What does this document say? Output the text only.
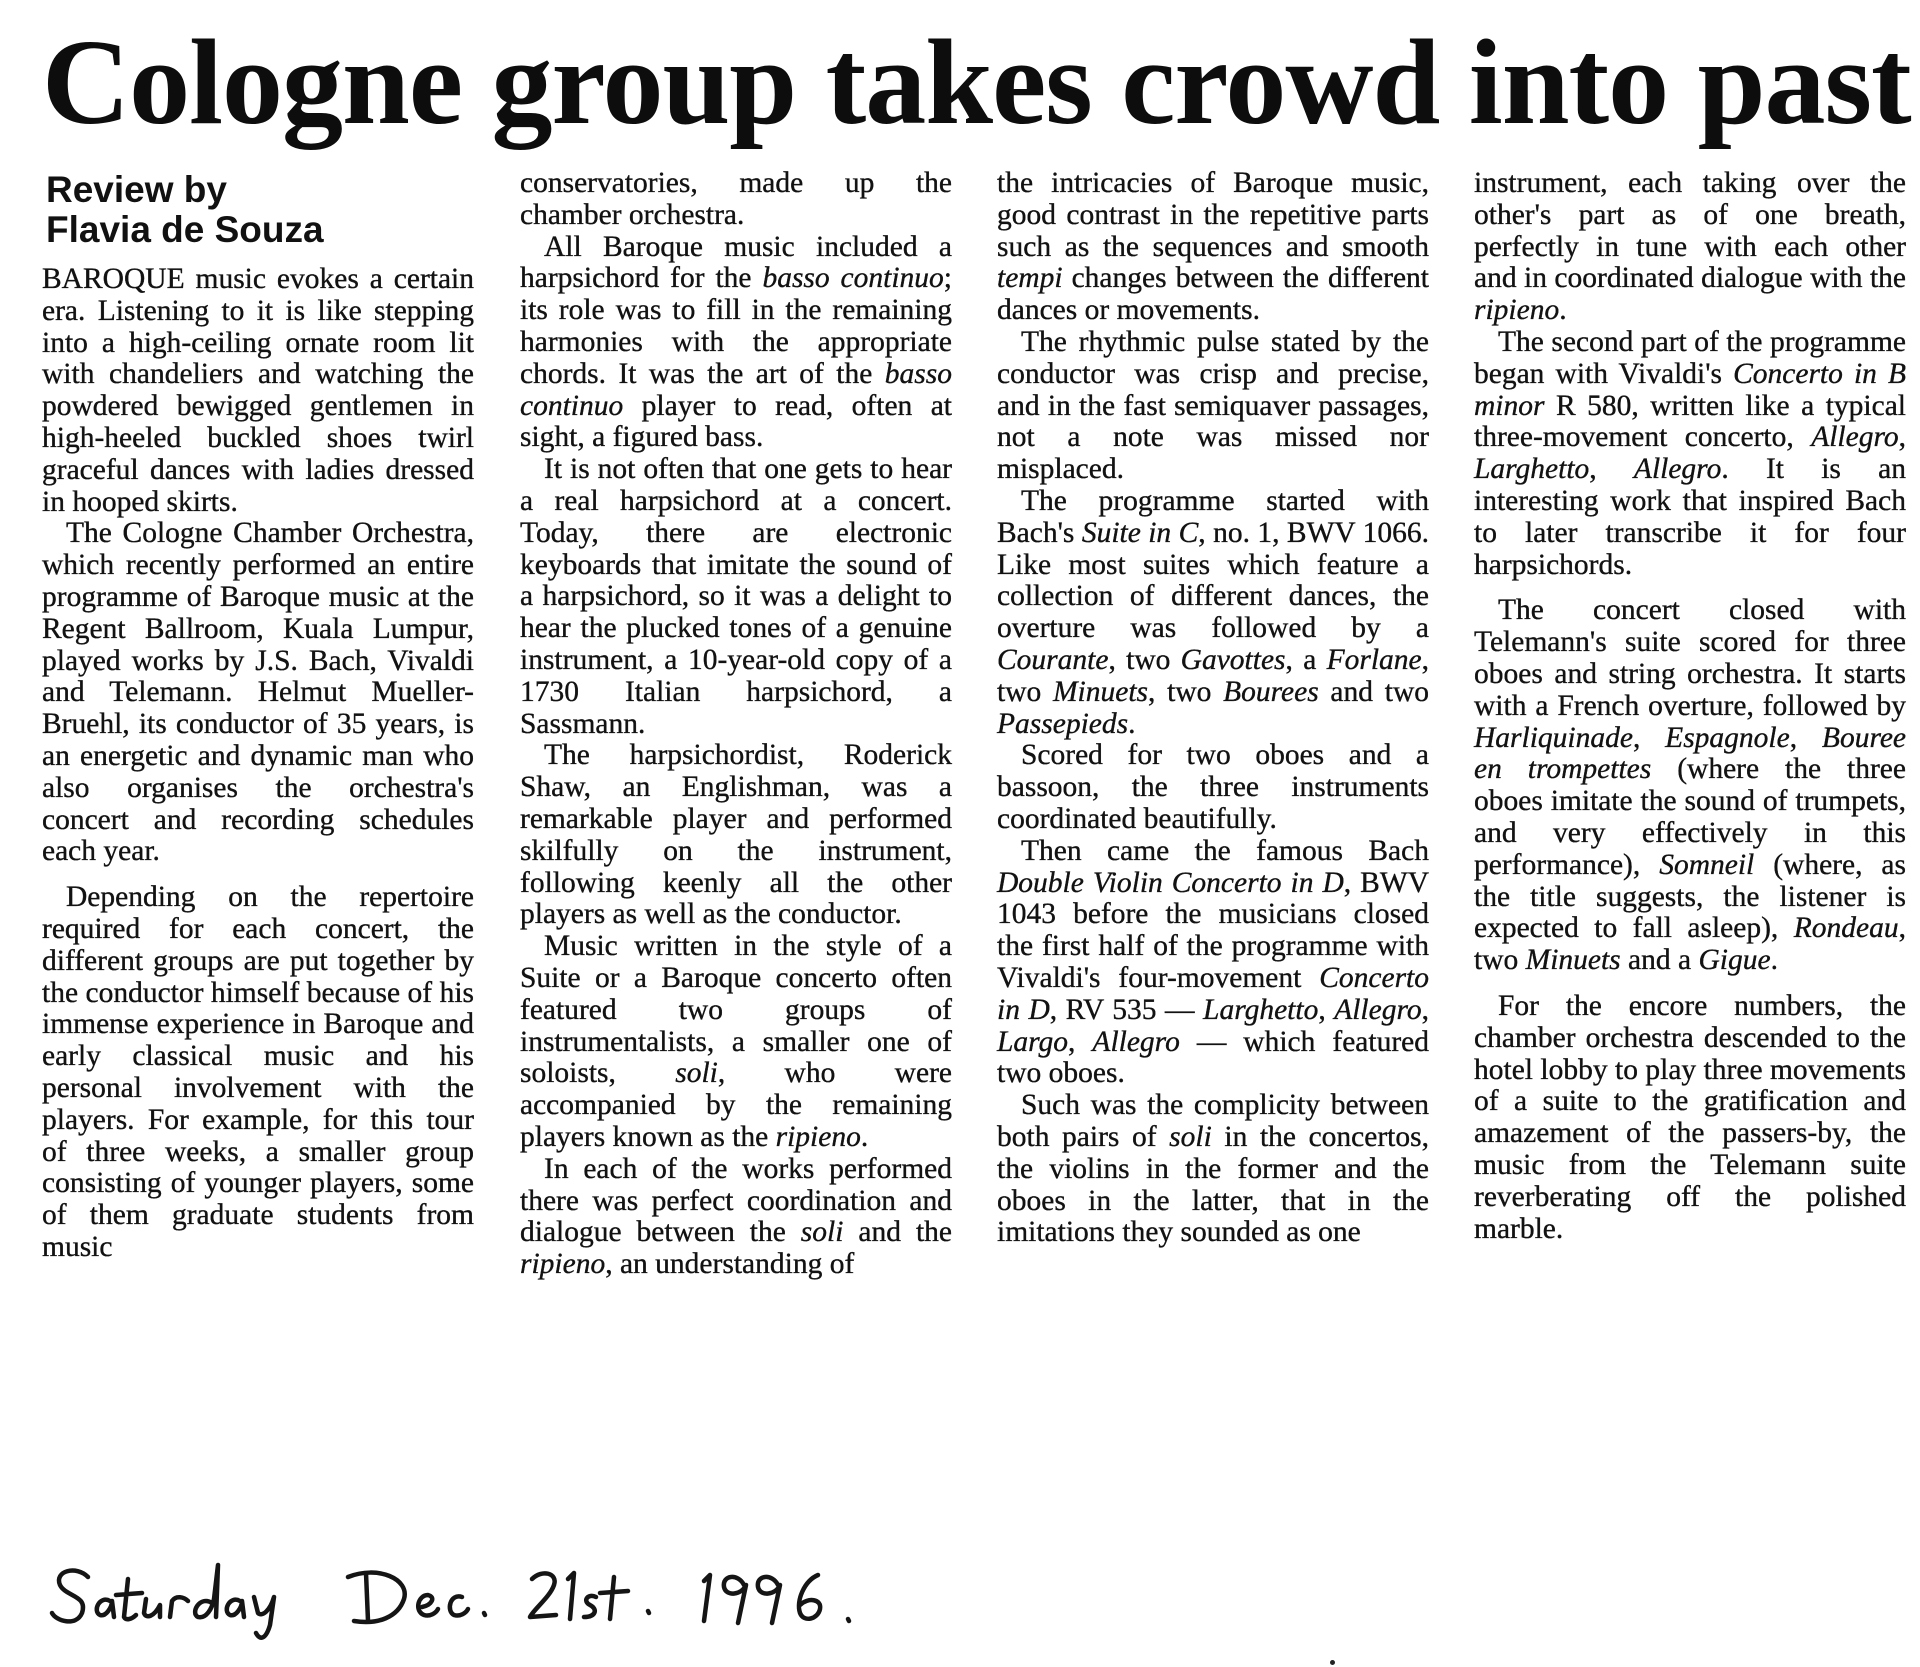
Cologne group takes crowd into past
Review by
Flavia de Souza

BAROQUE music evokes a certain era. Listening to it is like stepping into a high-ceiling ornate room lit with chandeliers and watching the powdered bewigged gentlemen in high-heeled buckled shoes twirl graceful dances with ladies dressed in hooped skirts.

The Cologne Chamber Orchestra, which recently performed an entire programme of Baroque music at the Regent Ballroom, Kuala Lumpur, played works by J.S. Bach, Vivaldi and Telemann. Helmut Mueller-Bruehl, its conductor of 35 years, is an energetic and dynamic man who also organises the orchestra's concert and recording schedules each year.

Depending on the repertoire required for each concert, the different groups are put together by the conductor himself because of his immense experience in Baroque and early classical music and his personal involvement with the players. For example, for this tour of three weeks, a smaller group consisting of younger players, some of them graduate students from music

conservatories, made up the chamber orchestra.

All Baroque music included a harpsichord for the basso continuo; its role was to fill in the remaining harmonies with the appropriate chords. It was the art of the basso continuo player to read, often at sight, a figured bass.

It is not often that one gets to hear a real harpsichord at a concert. Today, there are electronic keyboards that imitate the sound of a harpsichord, so it was a delight to hear the plucked tones of a genuine instrument, a 10-year-old copy of a 1730 Italian harpsichord, a Sassmann.

The harpsichordist, Roderick Shaw, an Englishman, was a remarkable player and performed skilfully on the instrument, following keenly all the other players as well as the conductor.

Music written in the style of a Suite or a Baroque concerto often featured two groups of instrumentalists, a smaller one of soloists, soli, who were accompanied by the remaining players known as the ripieno.

In each of the works performed there was perfect coordination and dialogue between the soli and the ripieno, an understanding of

the intricacies of Baroque music, good contrast in the repetitive parts such as the sequences and smooth tempi changes between the different dances or movements.

The rhythmic pulse stated by the conductor was crisp and precise, and in the fast semiquaver passages, not a note was missed nor misplaced.

The programme started with Bach's Suite in C, no. 1, BWV 1066. Like most suites which feature a collection of different dances, the overture was followed by a Courante, two Gavottes, a Forlane, two Minuets, two Bourees and two Passepieds.

Scored for two oboes and a bassoon, the three instruments coordinated beautifully.

Then came the famous Bach Double Violin Concerto in D, BWV 1043 before the musicians closed the first half of the programme with Vivaldi's four-movement Concerto in D, RV 535 — Larghetto, Allegro, Largo, Allegro — which featured two oboes.

Such was the complicity between both pairs of soli in the concertos, the violins in the former and the oboes in the latter, that in the imitations they sounded as one

instrument, each taking over the other's part as of one breath, perfectly in tune with each other and in coordinated dialogue with the ripieno.

The second part of the programme began with Vivaldi's Concerto in B minor R 580, written like a typical three-movement concerto, Allegro, Larghetto, Allegro. It is an interesting work that inspired Bach to later transcribe it for four harpsichords.

The concert closed with Telemann's suite scored for three oboes and string orchestra. It starts with a French overture, followed by Harliquinade, Espagnole, Bouree en trompettes (where the three oboes imitate the sound of trumpets, and very effectively in this performance), Somneil (where, as the title suggests, the listener is expected to fall asleep), Rondeau, two Minuets and a Gigue.

For the encore numbers, the chamber orchestra descended to the hotel lobby to play three movements of a suite to the gratification and amazement of the passers-by, the music from the Telemann suite reverberating off the polished marble.
